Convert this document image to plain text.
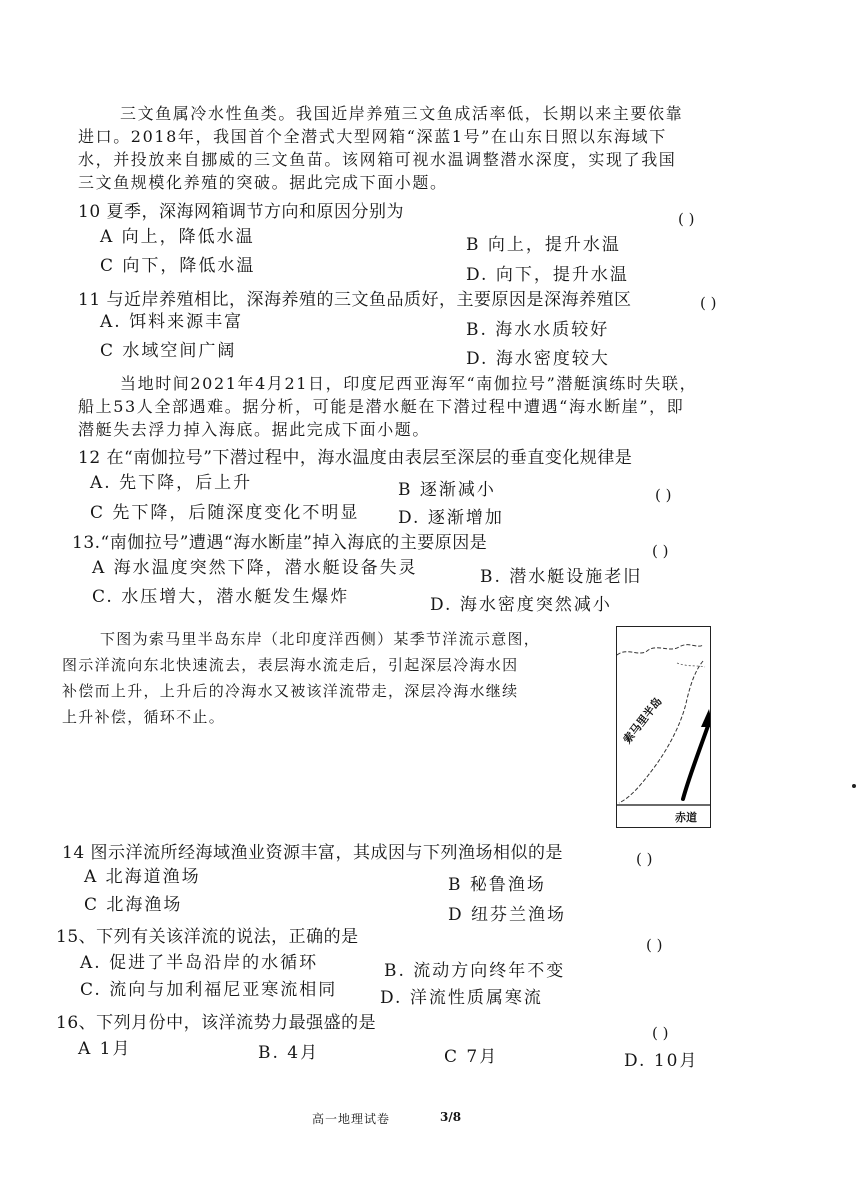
三文鱼属冷水性鱼类。我国近岸养殖三文鱼成活率低，长期以来主要依靠
进口。2018年，我国首个全潜式大型网箱“深蓝1号”在山东日照以东海域下
水，并投放来自挪威的三文鱼苗。该网箱可视水温调整潜水深度，实现了我国
三文鱼规模化养殖的突破。据此完成下面小题。
10 夏季，深海网箱调节方向和原因分别为	( )
A 向上，降低水温	B 向上，提升水温
C 向下，降低水温	D. 向下，提升水温
11 与近岸养殖相比，深海养殖的三文鱼品质好，主要原因是深海养殖区	( )
A. 饵料来源丰富	B. 海水水质较好
C 水域空间广阔	D. 海水密度较大
当地时间2021年4月21日，印度尼西亚海军“南伽拉号”潜艇演练时失联，
船上53人全部遇难。据分析，可能是潜水艇在下潜过程中遭遇“海水断崖”，即
潜艇失去浮力掉入海底。据此完成下面小题。
12 在“南伽拉号”下潜过程中，海水温度由表层至深层的垂直变化规律是
A. 先下降，后上升	B 逐渐减小	( )
C 先下降，后随深度变化不明显 D. 逐渐增加
13.“南伽拉号”遭遇“海水断崖”掉入海底的主要原因是	( )
A 海水温度突然下降，潜水艇设备失灵	B. 潜水艇设施老旧
C. 水压增大，潜水艇发生爆炸	D. 海水密度突然减小
下图为索马里半岛东岸（北印度洋西侧）某季节洋流示意图，
图示洋流向东北快速流去，表层海水流走后，引起深层冷海水因
补偿而上升，上升后的冷海水又被该洋流带走，深层冷海水继续
上升补偿，循环不止。	索马里半岛
赤道
14 图示洋流所经海域渔业资源丰富，其成因与下列渔场相似的是	( )
A 北海道渔场	B 秘鲁渔场
C 北海渔场	D 纽芬兰渔场
15、下列有关该洋流的说法，正确的是	( )
A. 促进了半岛沿岸的水循环	B. 流动方向终年不变
C. 流向与加利福尼亚寒流相同	D. 洋流性质属寒流
16、下列月份中，该洋流势力最强盛的是	( )
A 1月	B. 4月	C 7月	D. 10月
高一地理试卷	3/8
